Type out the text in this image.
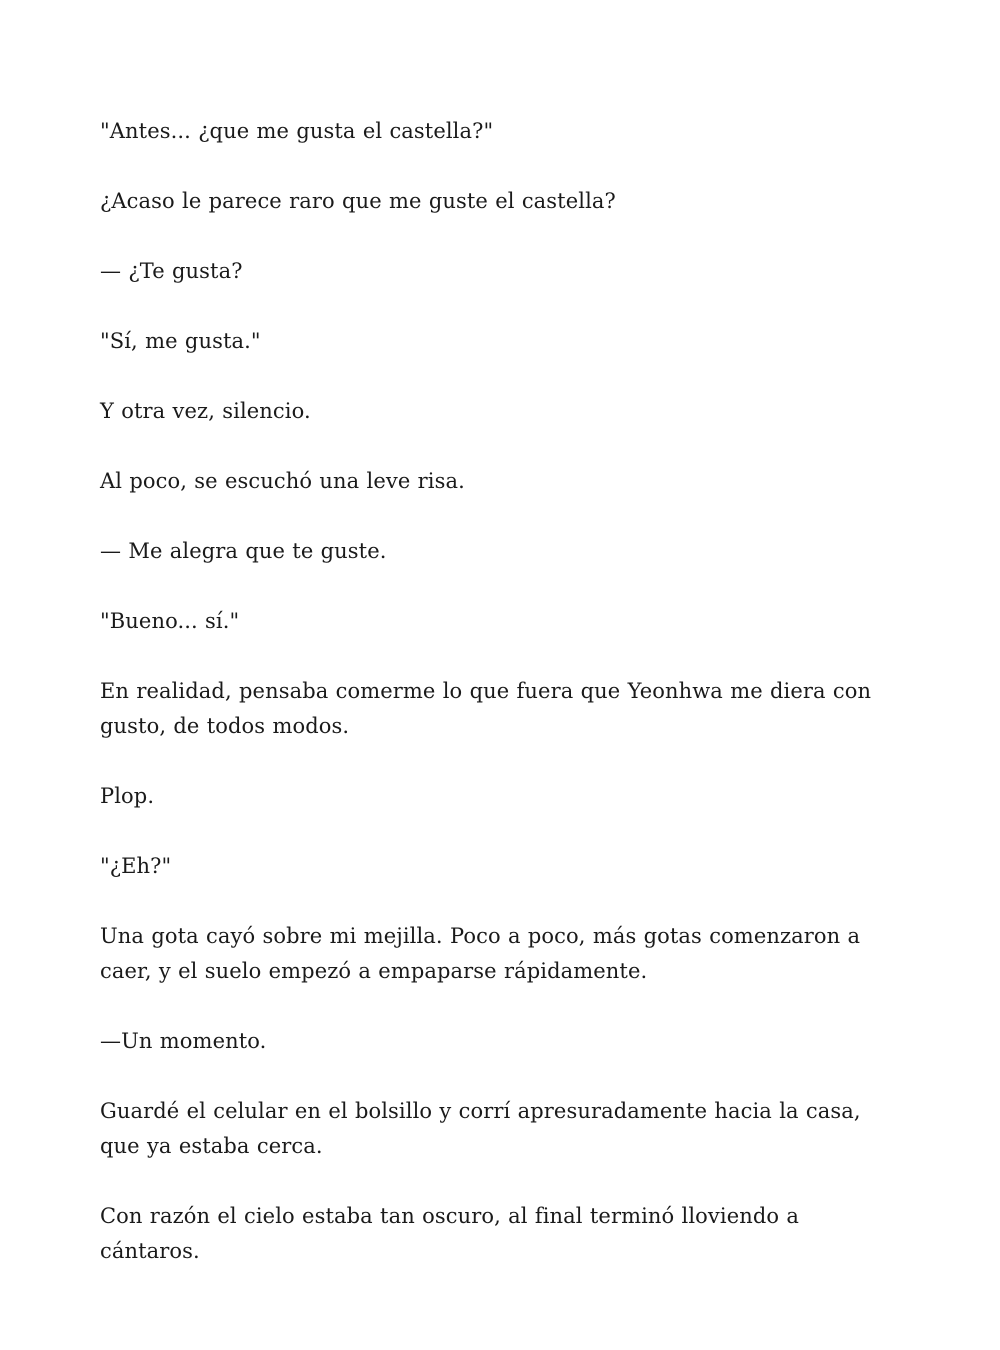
"Antes... ¿que me gusta el castella?"

¿Acaso le parece raro que me guste el castella?

— ¿Te gusta?

"Sí, me gusta."

Y otra vez, silencio.

Al poco, se escuchó una leve risa.

— Me alegra que te guste.

"Bueno... sí."

En realidad, pensaba comerme lo que fuera que Yeonhwa me diera con gusto, de todos modos.

Plop.

"¿Eh?"

Una gota cayó sobre mi mejilla. Poco a poco, más gotas comenzaron a caer, y el suelo empezó a empaparse rápidamente.

—Un momento.

Guardé el celular en el bolsillo y corrí apresuradamente hacia la casa, que ya estaba cerca.

Con razón el cielo estaba tan oscuro, al final terminó lloviendo a cántaros.
